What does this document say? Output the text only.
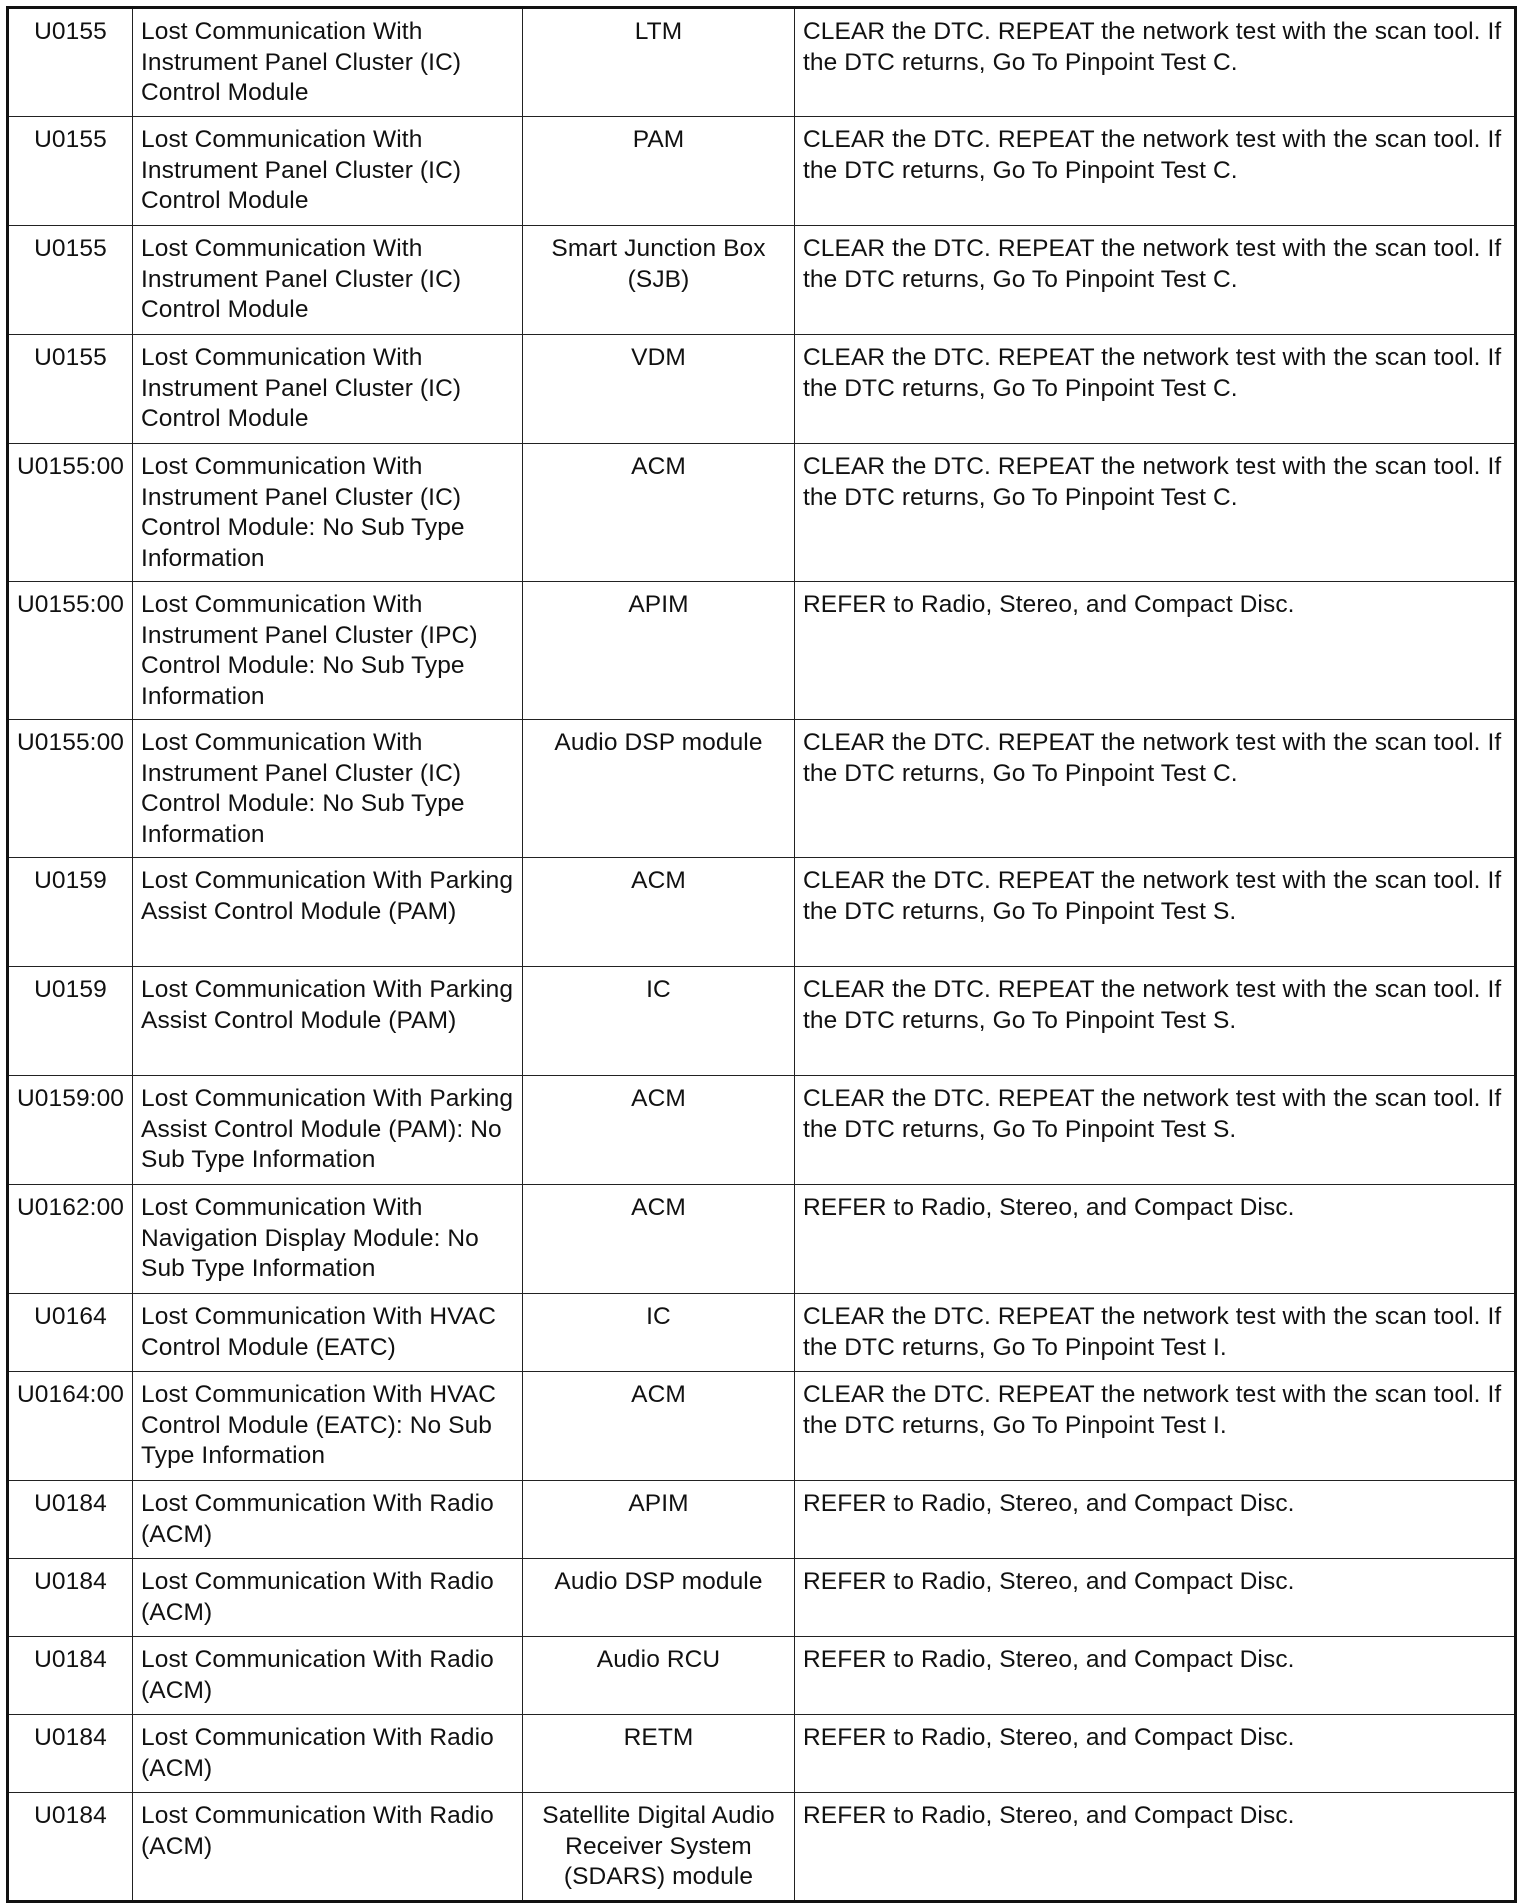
U0155	Lost Communication With Instrument Panel Cluster (IC) Control Module	LTM	CLEAR the DTC. REPEAT the network test with the scan tool. If the DTC returns, Go To Pinpoint Test C.
U0155	Lost Communication With Instrument Panel Cluster (IC) Control Module	PAM	CLEAR the DTC. REPEAT the network test with the scan tool. If the DTC returns, Go To Pinpoint Test C.
U0155	Lost Communication With Instrument Panel Cluster (IC) Control Module	Smart Junction Box (SJB)	CLEAR the DTC. REPEAT the network test with the scan tool. If the DTC returns, Go To Pinpoint Test C.
U0155	Lost Communication With Instrument Panel Cluster (IC) Control Module	VDM	CLEAR the DTC. REPEAT the network test with the scan tool. If the DTC returns, Go To Pinpoint Test C.
U0155:00	Lost Communication With Instrument Panel Cluster (IC) Control Module: No Sub Type Information	ACM	CLEAR the DTC. REPEAT the network test with the scan tool. If the DTC returns, Go To Pinpoint Test C.
U0155:00	Lost Communication With Instrument Panel Cluster (IPC) Control Module: No Sub Type Information	APIM	REFER to Radio, Stereo, and Compact Disc.
U0155:00	Lost Communication With Instrument Panel Cluster (IC) Control Module: No Sub Type Information	Audio DSP module	CLEAR the DTC. REPEAT the network test with the scan tool. If the DTC returns, Go To Pinpoint Test C.
U0159	Lost Communication With Parking Assist Control Module (PAM)	ACM	CLEAR the DTC. REPEAT the network test with the scan tool. If the DTC returns, Go To Pinpoint Test S.
U0159	Lost Communication With Parking Assist Control Module (PAM)	IC	CLEAR the DTC. REPEAT the network test with the scan tool. If the DTC returns, Go To Pinpoint Test S.
U0159:00	Lost Communication With Parking Assist Control Module (PAM): No Sub Type Information	ACM	CLEAR the DTC. REPEAT the network test with the scan tool. If the DTC returns, Go To Pinpoint Test S.
U0162:00	Lost Communication With Navigation Display Module: No Sub Type Information	ACM	REFER to Radio, Stereo, and Compact Disc.
U0164	Lost Communication With HVAC Control Module (EATC)	IC	CLEAR the DTC. REPEAT the network test with the scan tool. If the DTC returns, Go To Pinpoint Test I.
U0164:00	Lost Communication With HVAC Control Module (EATC): No Sub Type Information	ACM	CLEAR the DTC. REPEAT the network test with the scan tool. If the DTC returns, Go To Pinpoint Test I.
U0184	Lost Communication With Radio (ACM)	APIM	REFER to Radio, Stereo, and Compact Disc.
U0184	Lost Communication With Radio (ACM)	Audio DSP module	REFER to Radio, Stereo, and Compact Disc.
U0184	Lost Communication With Radio (ACM)	Audio RCU	REFER to Radio, Stereo, and Compact Disc.
U0184	Lost Communication With Radio (ACM)	RETM	REFER to Radio, Stereo, and Compact Disc.
U0184	Lost Communication With Radio (ACM)	Satellite Digital Audio Receiver System (SDARS) module	REFER to Radio, Stereo, and Compact Disc.
